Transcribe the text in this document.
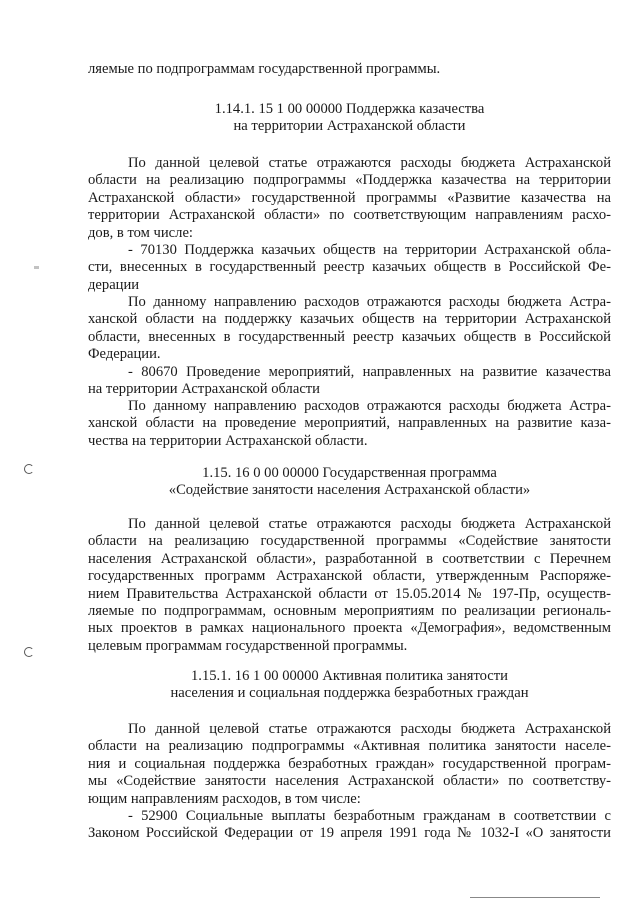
ляемые по подпрограммам государственной программы.
1.14.1. 15 1 00 00000 Поддержка казачества
на территории Астраханской области
По данной целевой статье отражаются расходы бюджета Астраханской
области на реализацию подпрограммы «Поддержка казачества на территории
Астраханской области» государственной программы «Развитие казачества на
территории Астраханской области» по соответствующим направлениям расхо-
дов, в том числе:
- 70130 Поддержка казачьих обществ на территории Астраханской обла-
сти, внесенных в государственный реестр казачьих обществ в Российской Фе-
дерации
По данному направлению расходов отражаются расходы бюджета Астра-
ханской области на поддержку казачьих обществ на территории Астраханской
области, внесенных в государственный реестр казачьих обществ в Российской
Федерации.
- 80670 Проведение мероприятий, направленных на развитие казачества
на территории Астраханской области
По данному направлению расходов отражаются расходы бюджета Астра-
ханской области на проведение мероприятий, направленных на развитие каза-
чества на территории Астраханской области.
1.15. 16 0 00 00000 Государственная программа
«Содействие занятости населения Астраханской области»
По данной целевой статье отражаются расходы бюджета Астраханской
области на реализацию государственной программы «Содействие занятости
населения Астраханской области», разработанной в соответствии с Перечнем
государственных программ Астраханской области, утвержденным Распоряже-
нием Правительства Астраханской области от 15.05.2014 № 197-Пр, осуществ-
ляемые по подпрограммам, основным мероприятиям по реализации региональ-
ных проектов в рамках национального проекта «Демография», ведомственным
целевым программам государственной программы.
1.15.1. 16 1 00 00000 Активная политика занятости
населения и социальная поддержка безработных граждан
По данной целевой статье отражаются расходы бюджета Астраханской
области на реализацию подпрограммы «Активная политика занятости населе-
ния и социальная поддержка безработных граждан» государственной програм-
мы «Содействие занятости населения Астраханской области» по соответству-
ющим направлениям расходов, в том числе:
- 52900 Социальные выплаты безработным гражданам в соответствии с
Законом Российской Федерации от 19 апреля 1991 года № 1032-I «О занятости
